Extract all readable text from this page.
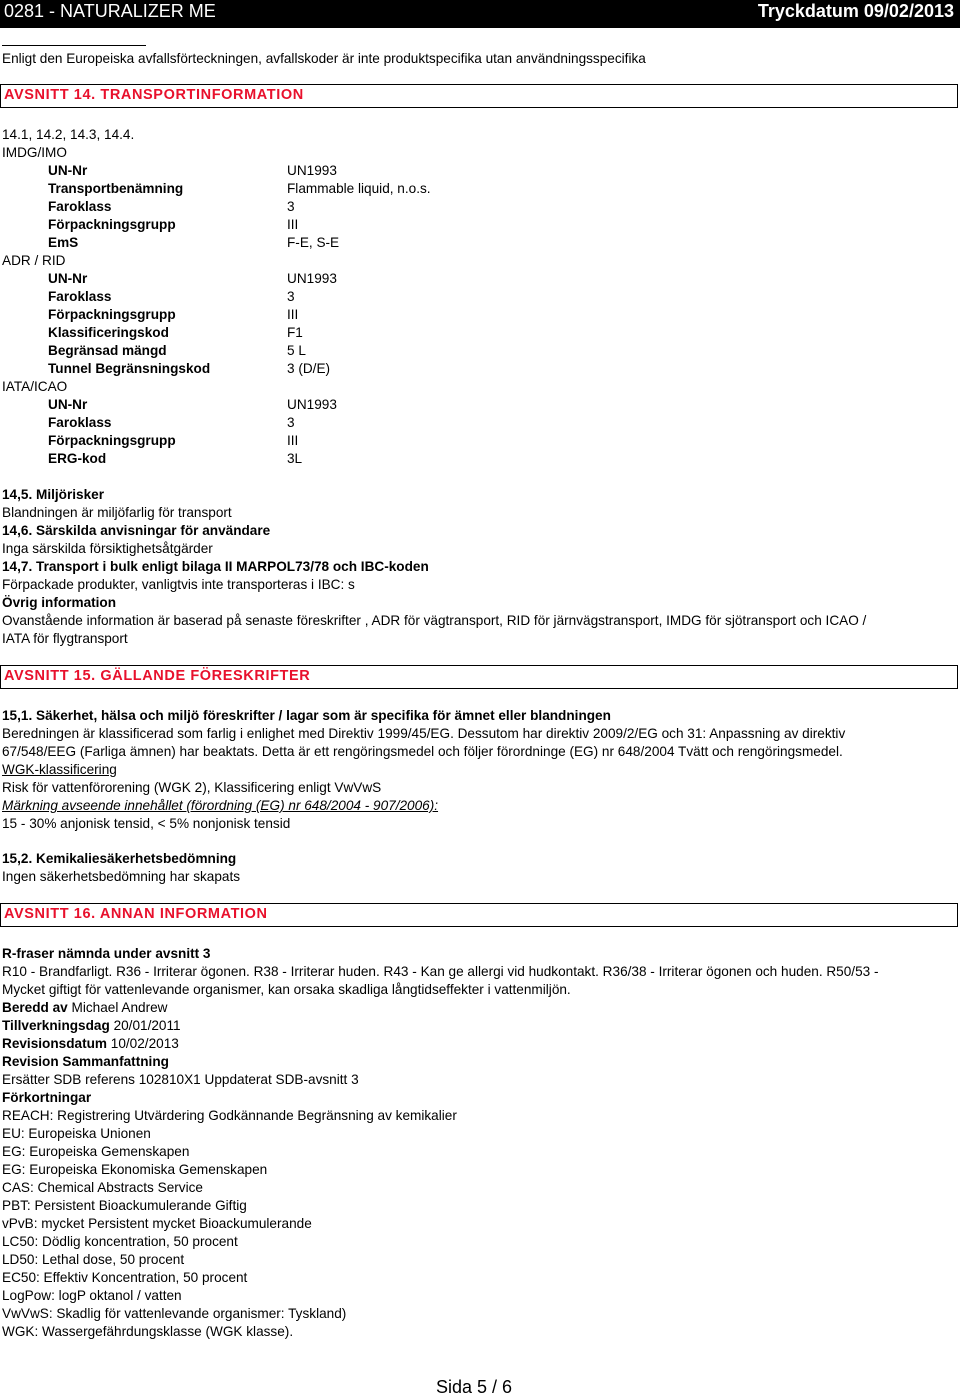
0281 - NATURALIZER ME	Tryckdatum 09/02/2013
Enligt den Europeiska avfallsförteckningen, avfallskoder är inte produktspecifika utan användningsspecifika
AVSNITT 14. TRANSPORTINFORMATION
14.1, 14.2, 14.3, 14.4.
IMDG/IMO
UN-Nr	UN1993
Transportbenämning	Flammable liquid, n.o.s.
Faroklass	3
Förpackningsgrupp	III
EmS	F-E, S-E
ADR / RID
UN-Nr	UN1993
Faroklass	3
Förpackningsgrupp	III
Klassificeringskod	F1
Begränsad mängd	5 L
Tunnel Begränsningskod	3 (D/E)
IATA/ICAO
UN-Nr	UN1993
Faroklass	3
Förpackningsgrupp	III
ERG-kod	3L
14,5. Miljörisker
Blandningen är miljöfarlig för transport
14,6. Särskilda anvisningar för användare
Inga särskilda försiktighetsåtgärder
14,7. Transport i bulk enligt bilaga II MARPOL73/78 och IBC-koden
Förpackade produkter, vanligtvis inte transporteras i IBC: s
Övrig information
Ovanstående information är baserad på senaste föreskrifter , ADR för vägtransport, RID för järnvägstransport, IMDG för sjötransport och ICAO /
IATA för flygtransport
AVSNITT 15. GÄLLANDE FÖRESKRIFTER
15,1. Säkerhet, hälsa och miljö föreskrifter / lagar som är specifika för ämnet eller blandningen
Beredningen är klassificerad som farlig i enlighet med Direktiv 1999/45/EG. Dessutom har direktiv 2009/2/EG och 31: Anpassning av direktiv
67/548/EEG (Farliga ämnen) har beaktats. Detta är ett rengöringsmedel och följer förordninge (EG) nr 648/2004 Tvätt och rengöringsmedel.
WGK-klassificering
Risk för vattenförorening (WGK 2), Klassificering enligt VwVwS
Märkning avseende innehållet (förordning (EG) nr 648/2004 - 907/2006):
15 - 30% anjonisk tensid, < 5% nonjonisk tensid
15,2. Kemikaliesäkerhetsbedömning
Ingen säkerhetsbedömning har skapats
AVSNITT 16. ANNAN INFORMATION
R-fraser nämnda under avsnitt 3
R10 - Brandfarligt. R36 - Irriterar ögonen. R38 - Irriterar huden. R43 - Kan ge allergi vid hudkontakt. R36/38 - Irriterar ögonen och huden. R50/53 -
Mycket giftigt för vattenlevande organismer, kan orsaka skadliga långtidseffekter i vattenmiljön.
Beredd av Michael Andrew
Tillverkningsdag 20/01/2011
Revisionsdatum 10/02/2013
Revision Sammanfattning
Ersätter SDB referens 102810X1 Uppdaterat SDB-avsnitt 3
Förkortningar
REACH: Registrering Utvärdering Godkännande Begränsning av kemikalier
EU: Europeiska Unionen
EG: Europeiska Gemenskapen
EG: Europeiska Ekonomiska Gemenskapen
CAS: Chemical Abstracts Service
PBT: Persistent Bioackumulerande Giftig
vPvB: mycket Persistent mycket Bioackumulerande
LC50: Dödlig koncentration, 50 procent
LD50: Lethal dose, 50 procent
EC50: Effektiv Koncentration, 50 procent
LogPow: logP oktanol / vatten
VwVwS: Skadlig för vattenlevande organismer: Tyskland)
WGK: Wassergefährdungsklasse (WGK klasse).
Sida 5 / 6
